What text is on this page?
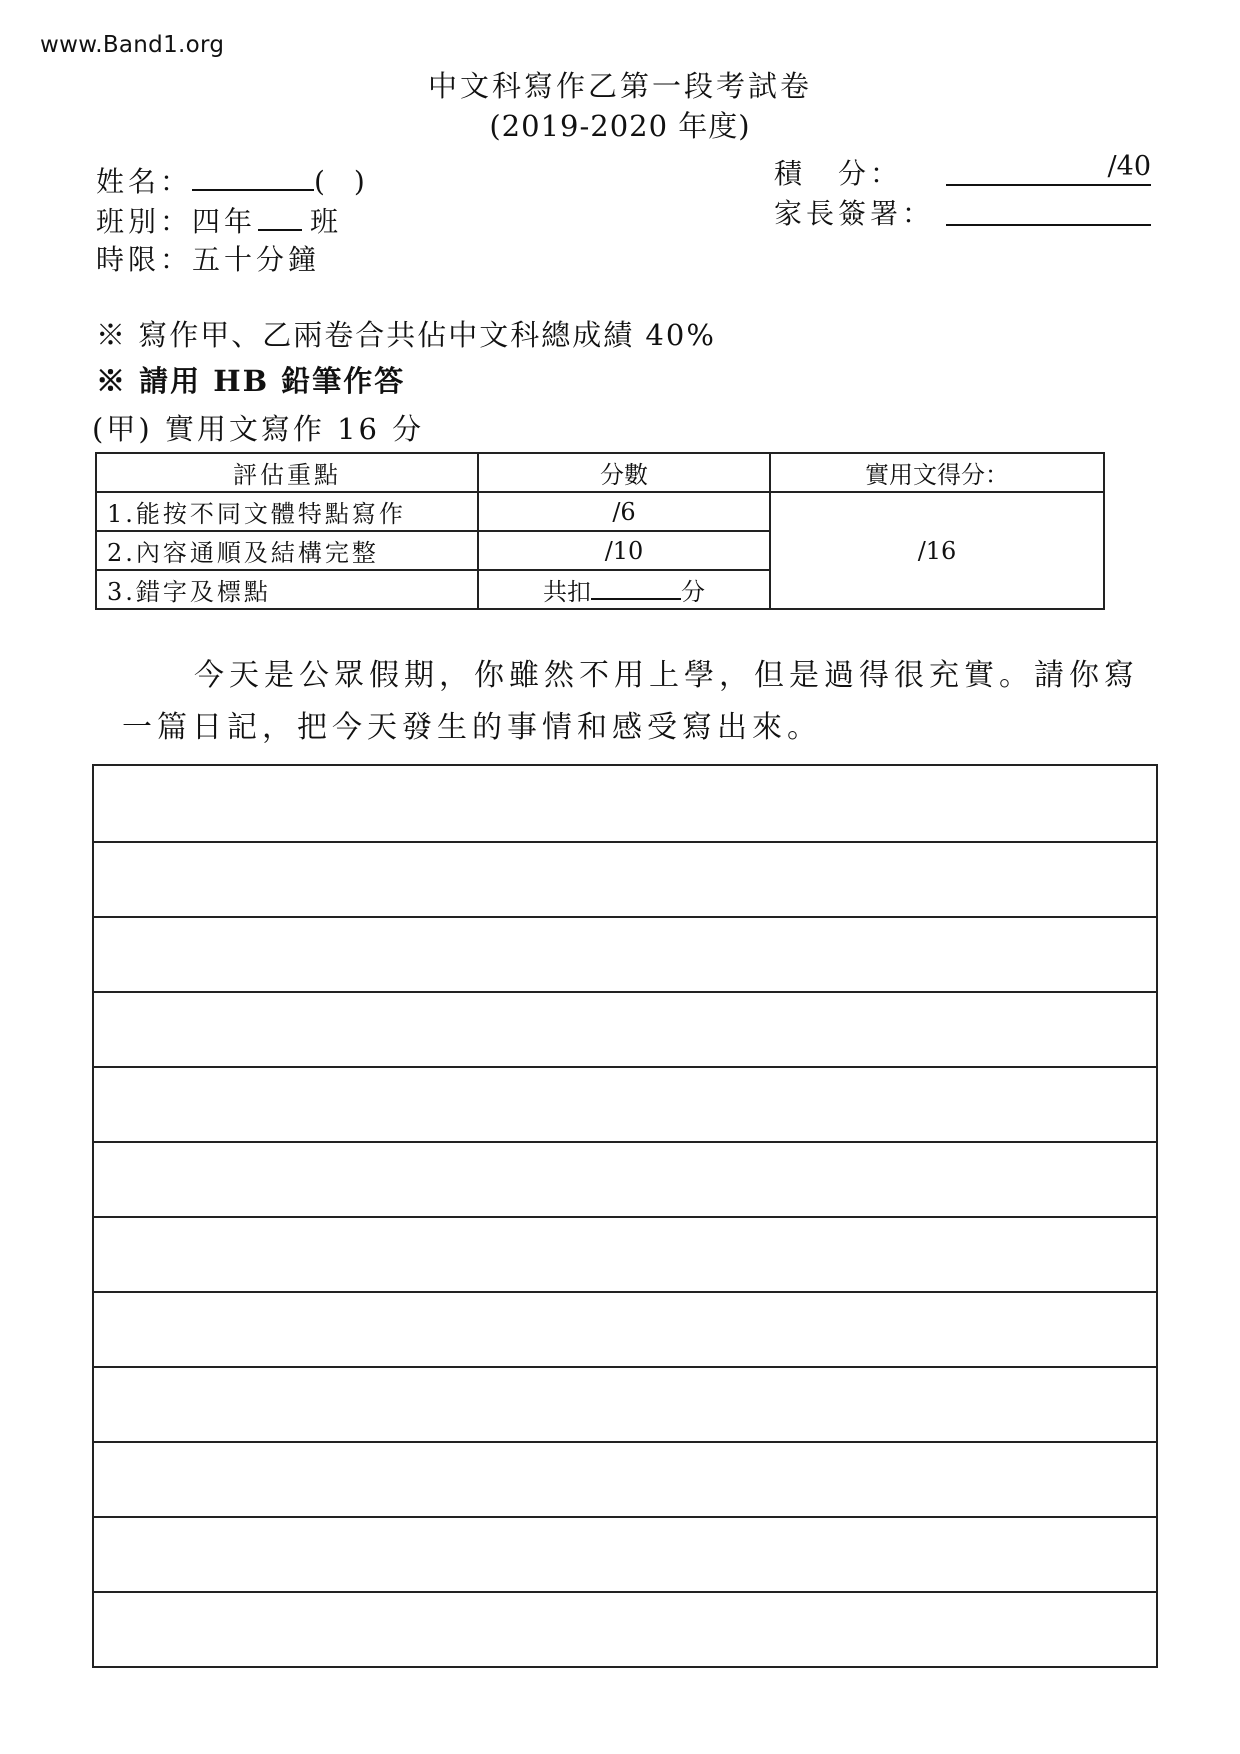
www.Band1.org
中文科寫作乙第一段考試卷
(2019-2020 年度)
姓名：	( )
班別：四年 班
時限：五十分鐘
積　分：	/40
家長簽署：
※ 寫作甲、乙兩卷合共佔中文科總成績 40%
※ 請用 HB 鉛筆作答
(甲) 實用文寫作 16 分
評估重點	分數	實用文得分：
1.能按不同文體特點寫作	/6	/16
2.內容通順及結構完整	/10	
3.錯字及標點	共扣 分	
今天是公眾假期，你雖然不用上學，但是過得很充實。請你寫
一篇日記，把今天發生的事情和感受寫出來。
